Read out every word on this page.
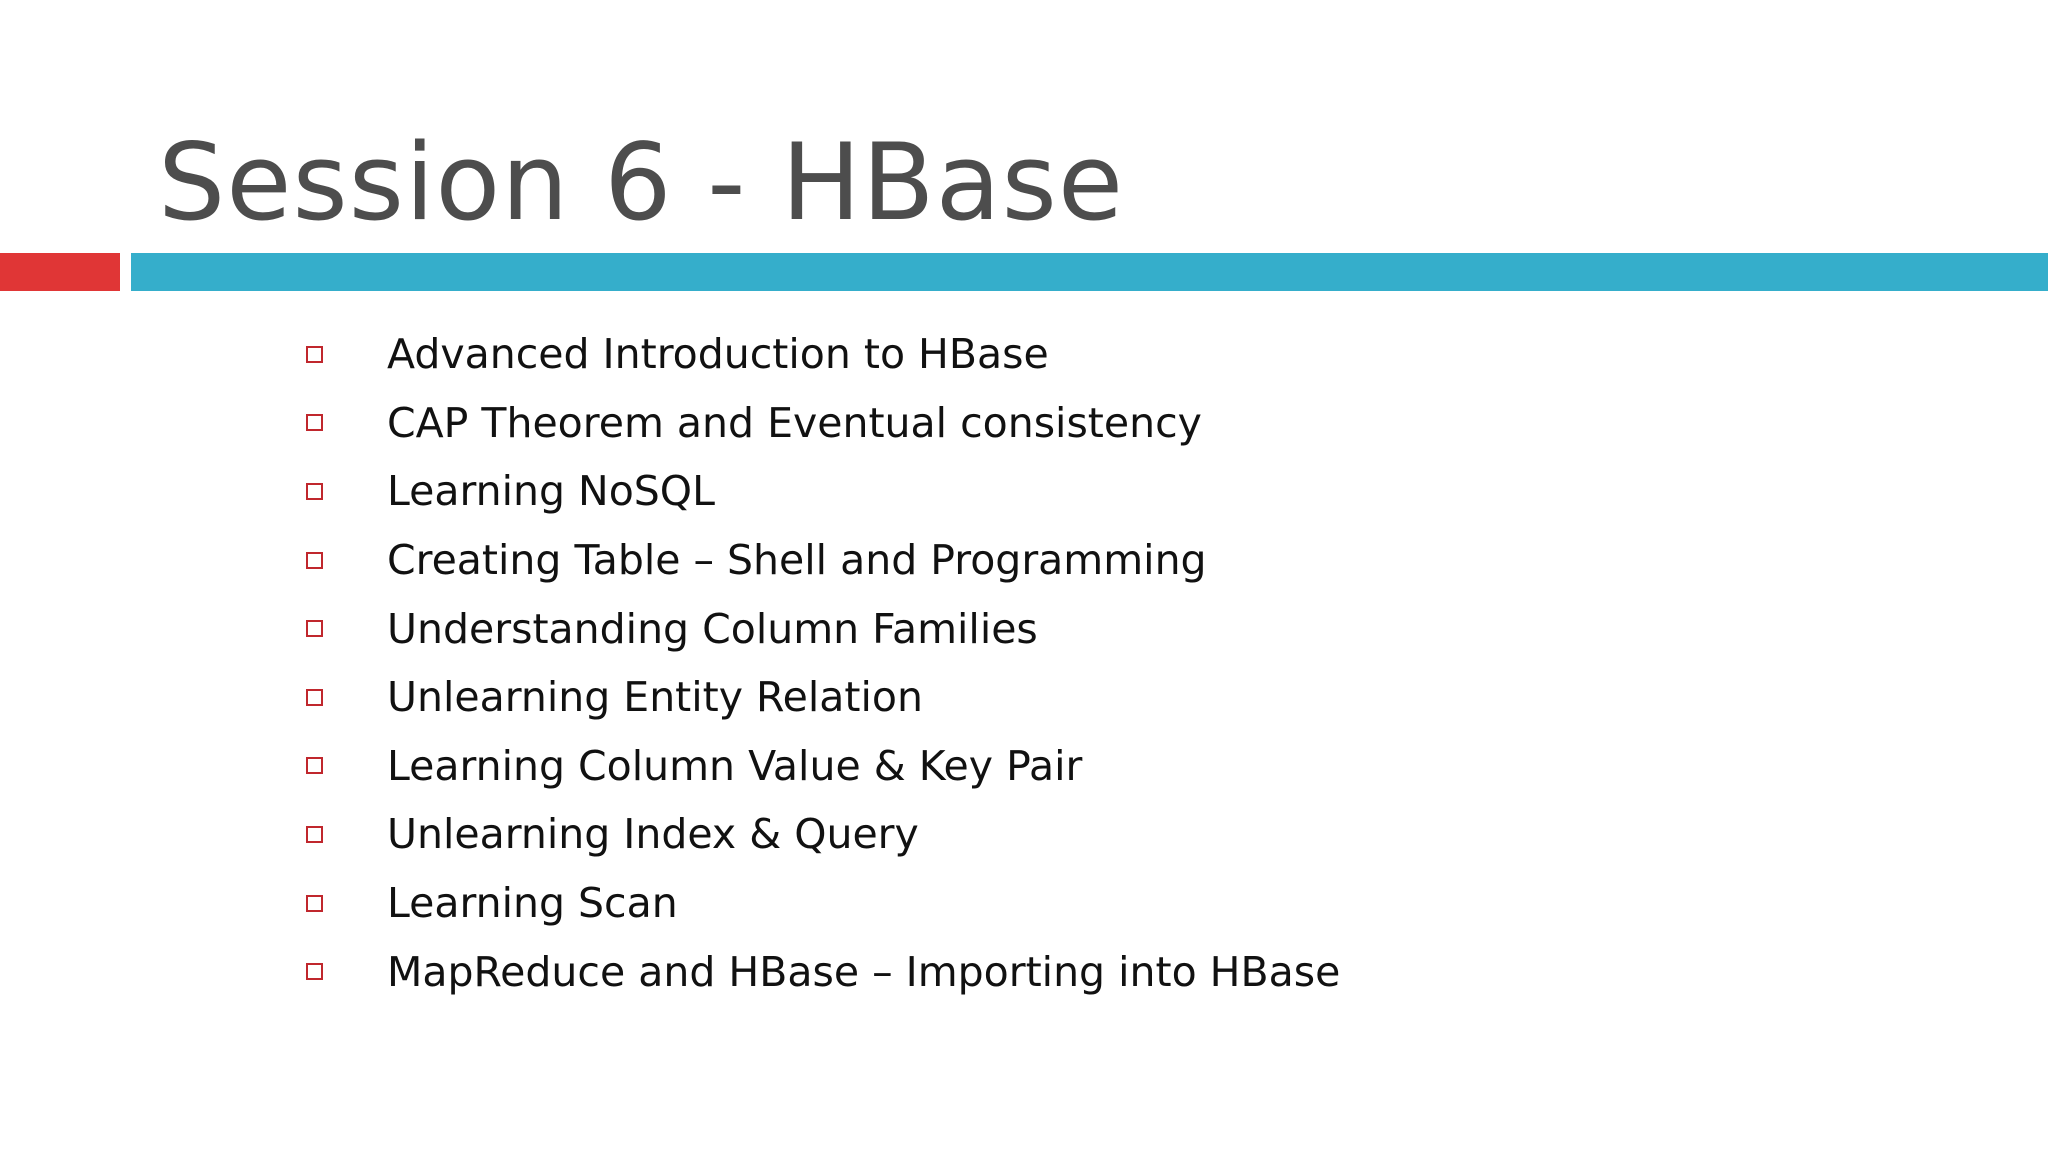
Session 6 - HBase
Advanced Introduction to HBase
CAP Theorem and Eventual consistency
Learning NoSQL
Creating Table – Shell and Programming
Understanding Column Families
Unlearning Entity Relation
Learning Column Value & Key Pair
Unlearning Index & Query
Learning Scan
MapReduce and HBase – Importing into HBase
